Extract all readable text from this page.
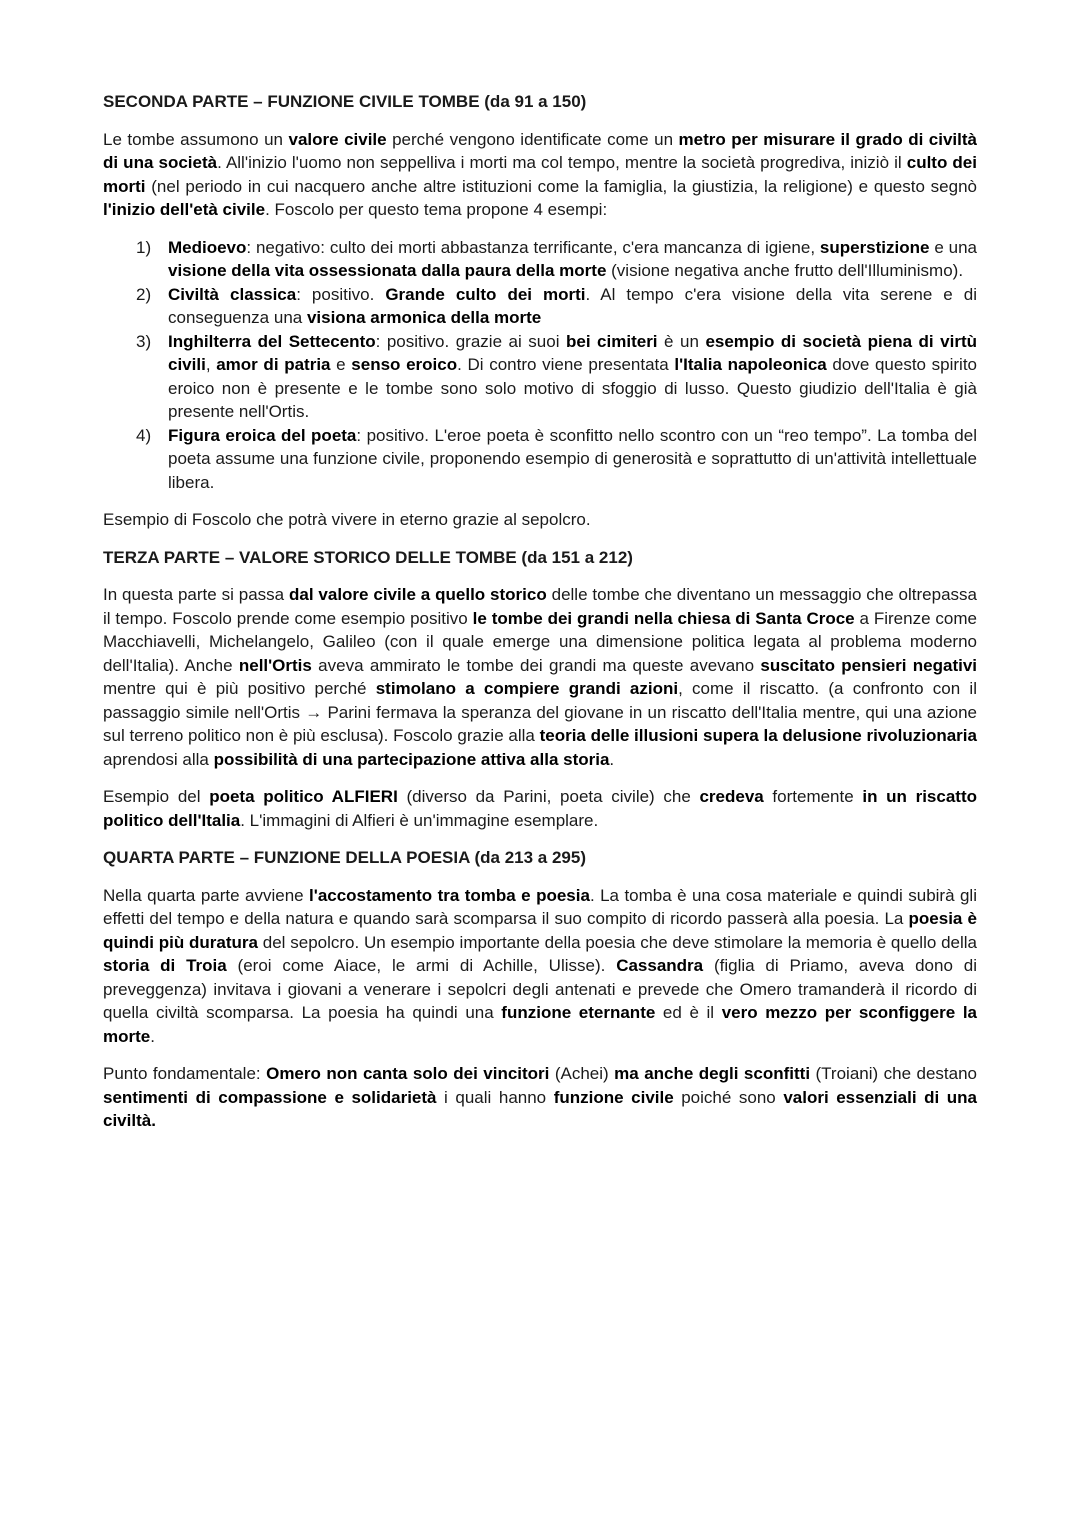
SECONDA PARTE – FUNZIONE CIVILE TOMBE (da 91 a 150)

Le tombe assumono un valore civile perché vengono identificate come un metro per misurare il grado di civiltà di una società. All'inizio l'uomo non seppelliva i morti ma col tempo, mentre la società progrediva, iniziò il culto dei morti (nel periodo in cui nacquero anche altre istituzioni come la famiglia, la giustizia, la religione) e questo segnò l'inizio dell'età civile. Foscolo per questo tema propone 4 esempi:

1) Medioevo: negativo: culto dei morti abbastanza terrificante, c'era mancanza di igiene, superstizione e una visione della vita ossessionata dalla paura della morte (visione negativa anche frutto dell'Illuminismo).
2) Civiltà classica: positivo. Grande culto dei morti. Al tempo c'era visione della vita serene e di conseguenza una visiona armonica della morte
3) Inghilterra del Settecento: positivo. grazie ai suoi bei cimiteri è un esempio di società piena di virtù civili, amor di patria e senso eroico. Di contro viene presentata l'Italia napoleonica dove questo spirito eroico non è presente e le tombe sono solo motivo di sfoggio di lusso. Questo giudizio dell'Italia è già presente nell'Ortis.
4) Figura eroica del poeta: positivo. L'eroe poeta è sconfitto nello scontro con un “reo tempo”. La tomba del poeta assume una funzione civile, proponendo esempio di generosità e soprattutto di un'attività intellettuale libera.

Esempio di Foscolo che potrà vivere in eterno grazie al sepolcro.

TERZA PARTE – VALORE STORICO DELLE TOMBE (da 151 a 212)

In questa parte si passa dal valore civile a quello storico delle tombe che diventano un messaggio che oltrepassa il tempo. Foscolo prende come esempio positivo le tombe dei grandi nella chiesa di Santa Croce a Firenze come Macchiavelli, Michelangelo, Galileo (con il quale emerge una dimensione politica legata al problema moderno dell'Italia). Anche nell'Ortis aveva ammirato le tombe dei grandi ma queste avevano suscitato pensieri negativi mentre qui è più positivo perché stimolano a compiere grandi azioni, come il riscatto. (a confronto con il passaggio simile nell'Ortis → Parini fermava la speranza del giovane in un riscatto dell'Italia mentre, qui una azione sul terreno politico non è più esclusa). Foscolo grazie alla teoria delle illusioni supera la delusione rivoluzionaria aprendosi alla possibilità di una partecipazione attiva alla storia.

Esempio del poeta politico ALFIERI (diverso da Parini, poeta civile) che credeva fortemente in un riscatto politico dell'Italia. L'immagini di Alfieri è un'immagine esemplare.

QUARTA PARTE – FUNZIONE DELLA POESIA (da 213 a 295)

Nella quarta parte avviene l'accostamento tra tomba e poesia. La tomba è una cosa materiale e quindi subirà gli effetti del tempo e della natura e quando sarà scomparsa il suo compito di ricordo passerà alla poesia. La poesia è quindi più duratura del sepolcro. Un esempio importante della poesia che deve stimolare la memoria è quello della storia di Troia (eroi come Aiace, le armi di Achille, Ulisse). Cassandra (figlia di Priamo, aveva dono di preveggenza) invitava i giovani a venerare i sepolcri degli antenati e prevede che Omero tramanderà il ricordo di quella civiltà scomparsa. La poesia ha quindi una funzione eternante ed è il vero mezzo per sconfiggere la morte.

Punto fondamentale: Omero non canta solo dei vincitori (Achei) ma anche degli sconfitti (Troiani) che destano sentimenti di compassione e solidarietà i quali hanno funzione civile poiché sono valori essenziali di una civiltà.
